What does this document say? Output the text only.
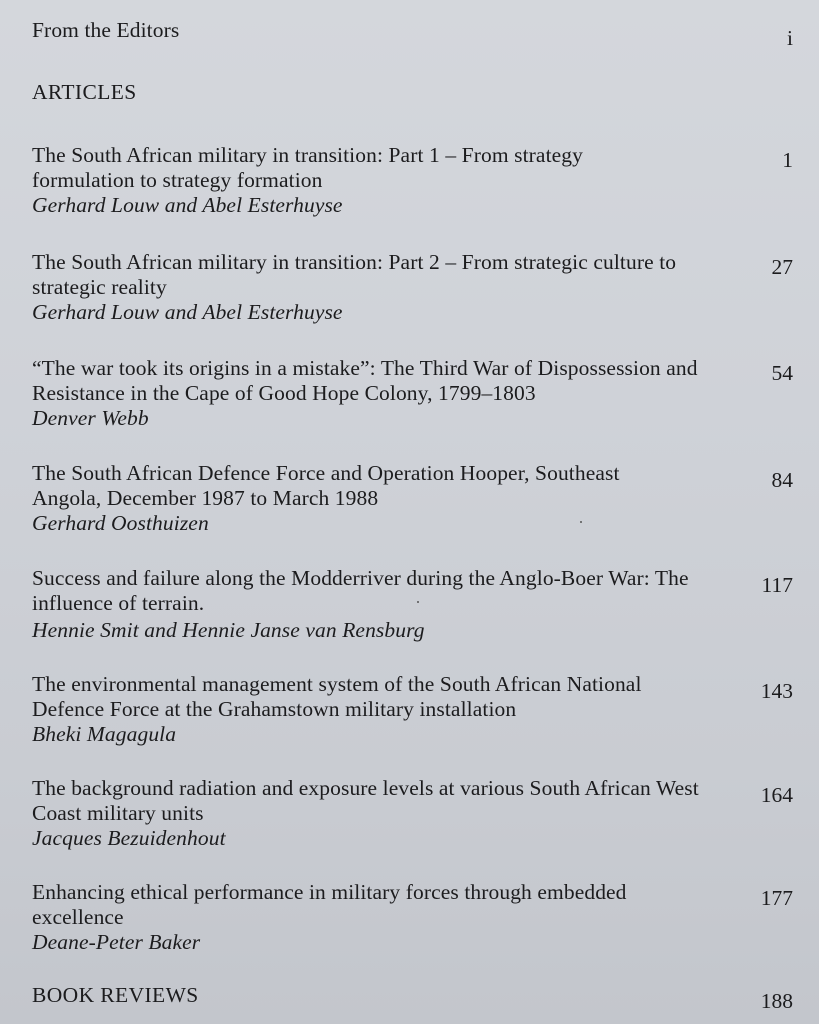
From the Editors	i
ARTICLES
The South African military in transition: Part 1 – From strategy formulation to strategy formation
Gerhard Louw and Abel Esterhuyse
1
The South African military in transition: Part 2 – From strategic culture to strategic reality
Gerhard Louw and Abel Esterhuyse
27
“The war took its origins in a mistake”: The Third War of Dispossession and Resistance in the Cape of Good Hope Colony, 1799–1803
Denver Webb
54
The South African Defence Force and Operation Hooper, Southeast Angola, December 1987 to March 1988
Gerhard Oosthuizen
84
Success and failure along the Modderriver during the Anglo-Boer War: The influence of terrain.
Hennie Smit and Hennie Janse van Rensburg
117
The environmental management system of the South African National Defence Force at the Grahamstown military installation
Bheki Magagula
143
The background radiation and exposure levels at various South African West Coast military units
Jacques Bezuidenhout
164
Enhancing ethical performance in military forces through embedded excellence
Deane-Peter Baker
177
BOOK REVIEWS	188
